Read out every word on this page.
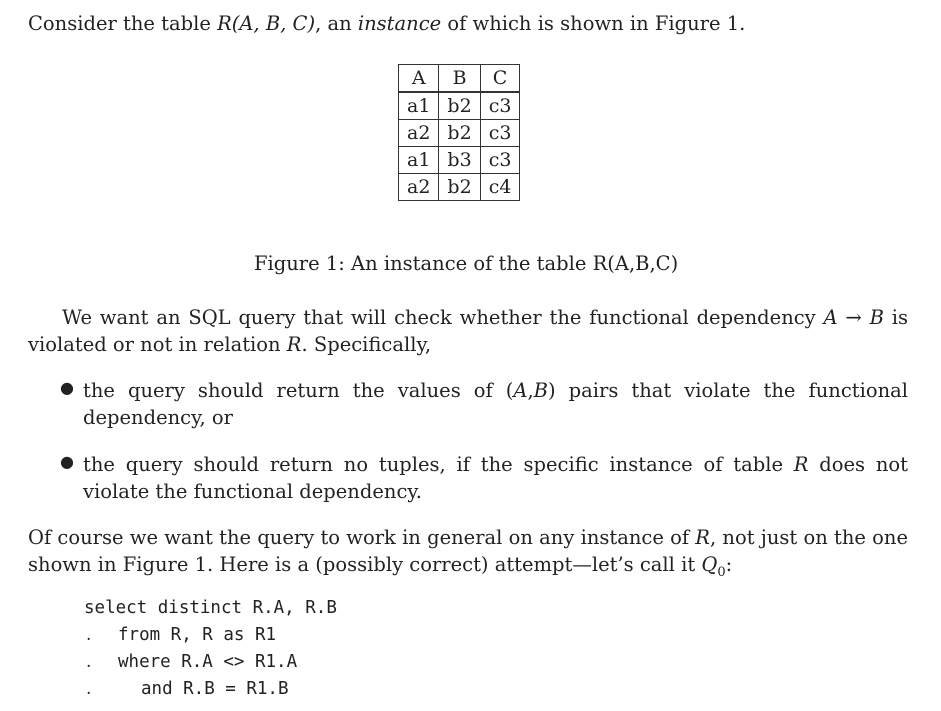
Consider the table R(A, B, C), an instance of which is shown in Figure 1.
A	B	C
a1	b2	c3
a2	b2	c3
a1	b3	c3
a2	b2	c4
Figure 1: An instance of the table R(A,B,C)
We want an SQL query that will check whether the functional dependency A → B is violated or not in relation R. Specifically,
● the query should return the values of (A,B) pairs that violate the functional dependency, or
● the query should return no tuples, if the specific instance of table R does not violate the functional dependency.
Of course we want the query to work in general on any instance of R, not just on the one shown in Figure 1. Here is a (possibly correct) attempt—let’s call it $Q_0$:
select distinct R.A, R.B
. from R, R as R1
. where R.A <> R1.A
.	and R.B = R1.B
